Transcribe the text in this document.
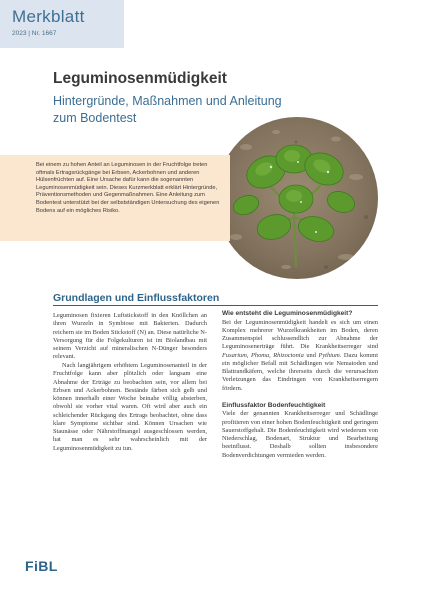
Merkblatt
2023 | Nr. 1667
Leguminosenmüdigkeit
Hintergründe, Maßnahmen und Anleitung zum Bodentest
Bei einem zu hohen Anteil an Leguminosen in der Fruchtfolge treten oftmals Ertragsrückgänge bei Erbsen, Ackerbohnen und anderen Hülsenfrüchten auf. Eine Ursache dafür kann die sogenannten Leguminosenmüdigkeit sein. Dieses Kurzmerkblatt erklärt Hintergründe, Präventionsmethoden und Gegenmaßnahmen. Eine Anleitung zum Bodentest unterstützt bei der selbstständigen Untersuchung des eigenen Bodens auf ein mögliches Risiko.
Grundlagen und Einflussfaktoren

Leguminosen fixieren Luftstickstoff in den Knöllchen an ihren Wurzeln in Symbiose mit Bakterien. Dadurch reichern sie im Boden Stickstoff (N) an. Diese natürliche N-Versorgung für die Folgekulturen ist im Biolandbau mit seinem Verzicht auf mineralischen N-Dünger besonders relevant.

Nach langjährigem erhöhtem Leguminosenanteil in der Fruchtfolge kann aber plötzlich oder langsam eine Abnahme der Erträge zu beobachten sein, vor allem bei Erbsen und Ackerbohnen. Bestände färben sich gelb und können innerhalb einer Woche beinahe völlig absterben, obwohl sie vorher vital waren. Oft wird aber auch ein schleichender Rückgang des Ertrags beobachtet, ohne dass klare Symptome sichtbar sind. Können Ursachen wie Staunässe oder Nährstoffmangel ausgeschlossen werden, hat man es sehr wahrscheinlich mit der Leguminosenmüdigkeit zu tun.

Wie entsteht die Leguminosenmüdigkeit?

Bei der Leguminosenmüdigkeit handelt es sich um einen Komplex mehrerer Wurzelkrankheiten im Boden, deren Zusammenspiel schlussendlich zur Abnahme der Leguminosenerträge führt. Die Krankheitserreger sind Fusarium, Phoma, Rhizoctonia und Pythium. Dazu kommt ein möglicher Befall mit Schädlingen wie Nematoden und Blattrandkäfern, welche ihrerseits durch die verursachten Verletzungen das Eindringen von Krankheitserregern fördern.

Einflussfaktor Bodenfeuchtigkeit

Viele der genannten Krankheitserreger und Schädlinge profitieren von einer hohen Bodenfeuchtigkeit und geringem Sauerstoffgehalt. Die Bodenfeuchtigkeit wird wiederum von Niederschlag, Bodenart, Struktur und Bearbeitung beeinflusst. Deshalb sollten insbesondere Bodenverdichtungen vermieden werden.

FiBL
